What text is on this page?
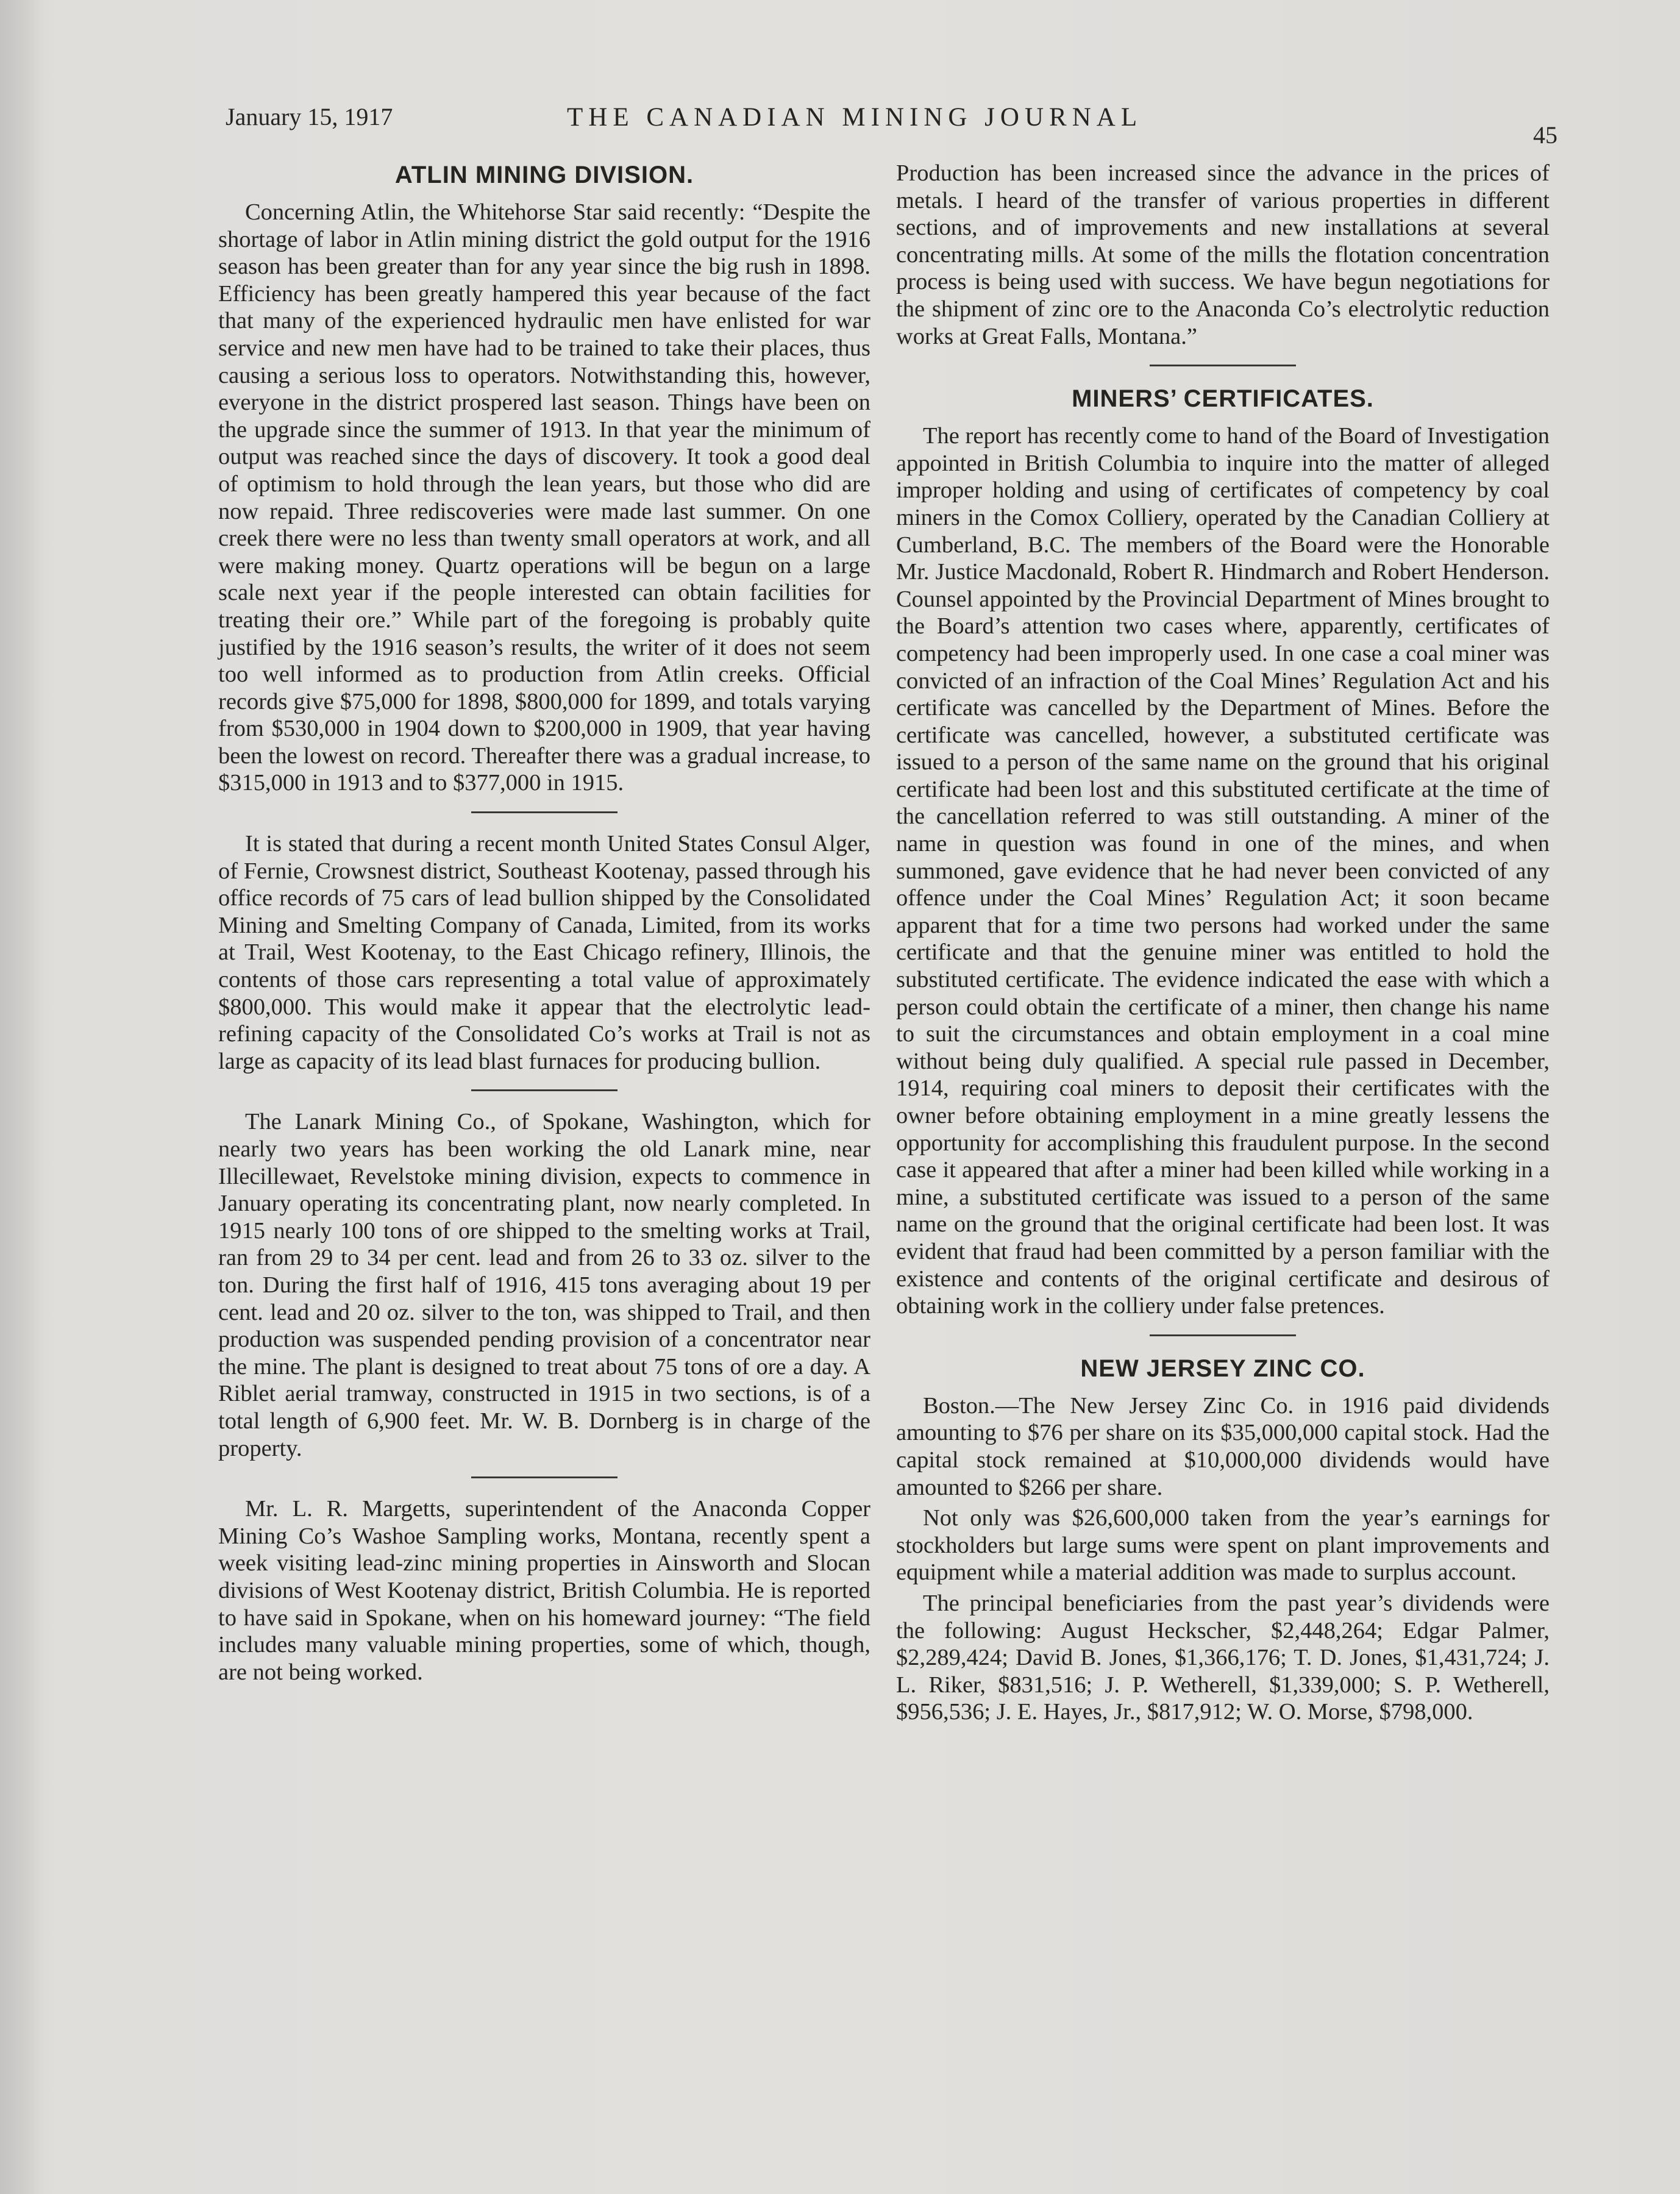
January 15, 1917	THE CANADIAN MINING JOURNAL
45
ATLIN MINING DIVISION.

Concerning Atlin, the Whitehorse Star said recently: “Despite the shortage of labor in Atlin mining district the gold output for the 1916 season has been greater than for any year since the big rush in 1898. Efficiency has been greatly hampered this year because of the fact that many of the experienced hydraulic men have enlisted for war service and new men have had to be trained to take their places, thus causing a serious loss to operators. Notwithstanding this, however, everyone in the district prospered last season. Things have been on the upgrade since the summer of 1913. In that year the minimum of output was reached since the days of discovery. It took a good deal of optimism to hold through the lean years, but those who did are now repaid. Three rediscoveries were made last summer. On one creek there were no less than twenty small operators at work, and all were making money. Quartz operations will be begun on a large scale next year if the people interested can obtain facilities for treating their ore.” While part of the foregoing is probably quite justified by the 1916 season’s results, the writer of it does not seem too well informed as to production from Atlin creeks. Official records give $75,000 for 1898, $800,000 for 1899, and totals varying from $530,000 in 1904 down to $200,000 in 1909, that year having been the lowest on record. Thereafter there was a gradual increase, to $315,000 in 1913 and to $377,000 in 1915.

It is stated that during a recent month United States Consul Alger, of Fernie, Crowsnest district, Southeast Kootenay, passed through his office records of 75 cars of lead bullion shipped by the Consolidated Mining and Smelting Company of Canada, Limited, from its works at Trail, West Kootenay, to the East Chicago refinery, Illinois, the contents of those cars representing a total value of approximately $800,000. This would make it appear that the electrolytic lead-refining capacity of the Consolidated Co’s works at Trail is not as large as capacity of its lead blast furnaces for producing bullion.

The Lanark Mining Co., of Spokane, Washington, which for nearly two years has been working the old Lanark mine, near Illecillewaet, Revelstoke mining division, expects to commence in January operating its concentrating plant, now nearly completed. In 1915 nearly 100 tons of ore shipped to the smelting works at Trail, ran from 29 to 34 per cent. lead and from 26 to 33 oz. silver to the ton. During the first half of 1916, 415 tons averaging about 19 per cent. lead and 20 oz. silver to the ton, was shipped to Trail, and then production was suspended pending provision of a concentrator near the mine. The plant is designed to treat about 75 tons of ore a day. A Riblet aerial tramway, constructed in 1915 in two sections, is of a total length of 6,900 feet. Mr. W. B. Dornberg is in charge of the property.

Mr. L. R. Margetts, superintendent of the Anaconda Copper Mining Co’s Washoe Sampling works, Montana, recently spent a week visiting lead-zinc mining properties in Ainsworth and Slocan divisions of West Kootenay district, British Columbia. He is reported to have said in Spokane, when on his homeward journey: “The field includes many valuable mining properties, some of which, though, are not being worked.

Production has been increased since the advance in the prices of metals. I heard of the transfer of various properties in different sections, and of improvements and new installations at several concentrating mills. At some of the mills the flotation concentration process is being used with success. We have begun negotiations for the shipment of zinc ore to the Anaconda Co’s electrolytic reduction works at Great Falls, Montana.”

MINERS’ CERTIFICATES.

The report has recently come to hand of the Board of Investigation appointed in British Columbia to inquire into the matter of alleged improper holding and using of certificates of competency by coal miners in the Comox Colliery, operated by the Canadian Colliery at Cumberland, B.C. The members of the Board were the Honorable Mr. Justice Macdonald, Robert R. Hindmarch and Robert Henderson. Counsel appointed by the Provincial Department of Mines brought to the Board’s attention two cases where, apparently, certificates of competency had been improperly used. In one case a coal miner was convicted of an infraction of the Coal Mines’ Regulation Act and his certificate was cancelled by the Department of Mines. Before the certificate was cancelled, however, a substituted certificate was issued to a person of the same name on the ground that his original certificate had been lost and this substituted certificate at the time of the cancellation referred to was still outstanding. A miner of the name in question was found in one of the mines, and when summoned, gave evidence that he had never been convicted of any offence under the Coal Mines’ Regulation Act; it soon became apparent that for a time two persons had worked under the same certificate and that the genuine miner was entitled to hold the substituted certificate. The evidence indicated the ease with which a person could obtain the certificate of a miner, then change his name to suit the circumstances and obtain employment in a coal mine without being duly qualified. A special rule passed in December, 1914, requiring coal miners to deposit their certificates with the owner before obtaining employment in a mine greatly lessens the opportunity for accomplishing this fraudulent purpose. In the second case it appeared that after a miner had been killed while working in a mine, a substituted certificate was issued to a person of the same name on the ground that the original certificate had been lost. It was evident that fraud had been committed by a person familiar with the existence and contents of the original certificate and desirous of obtaining work in the colliery under false pretences.

NEW JERSEY ZINC CO.

Boston.—The New Jersey Zinc Co. in 1916 paid dividends amounting to $76 per share on its $35,000,000 capital stock. Had the capital stock remained at $10,000,000 dividends would have amounted to $266 per share.

Not only was $26,600,000 taken from the year’s earnings for stockholders but large sums were spent on plant improvements and equipment while a material addition was made to surplus account.

The principal beneficiaries from the past year’s dividends were the following: August Heckscher, $2,448,264; Edgar Palmer, $2,289,424; David B. Jones, $1,366,176; T. D. Jones, $1,431,724; J. L. Riker, $831,516; J. P. Wetherell, $1,339,000; S. P. Wetherell, $956,536; J. E. Hayes, Jr., $817,912; W. O. Morse, $798,000.
